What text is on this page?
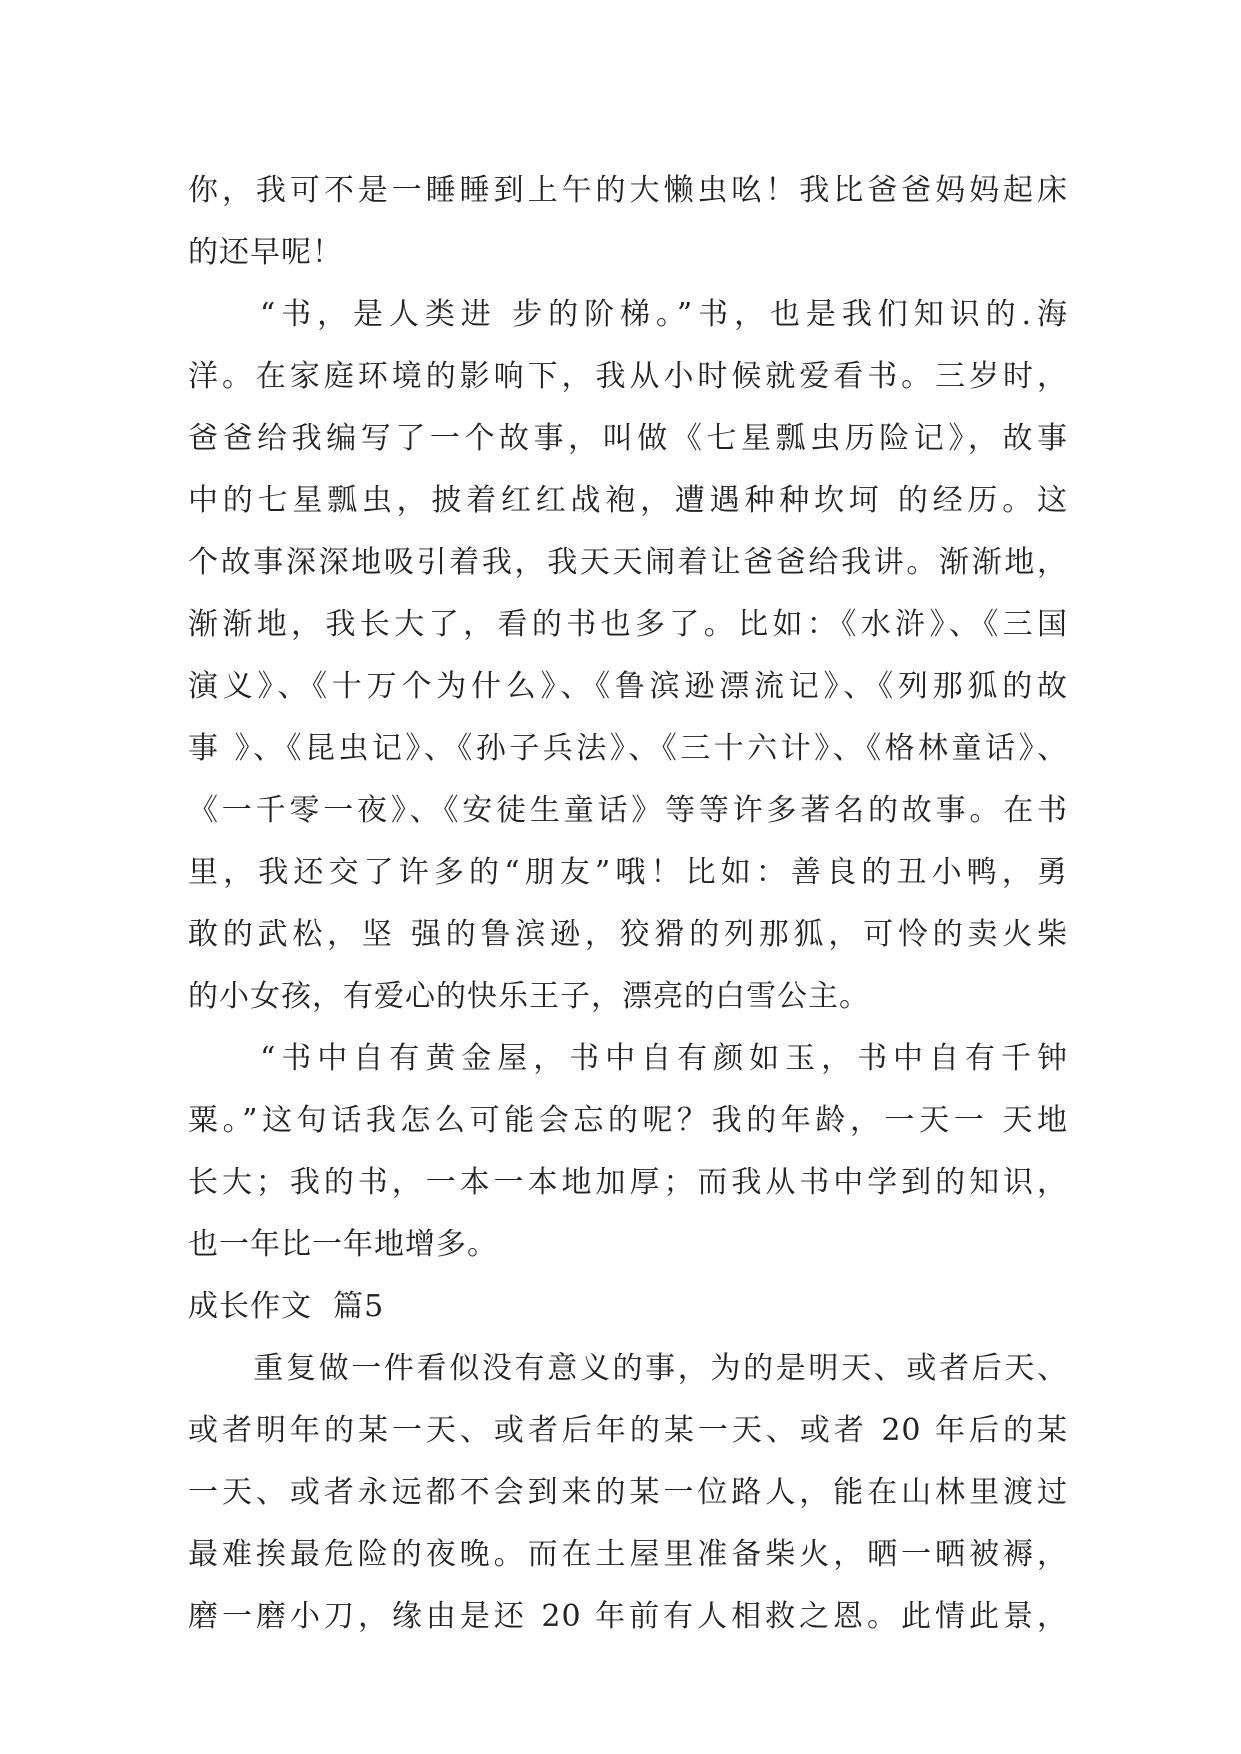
你，我可不是一睡睡到上午的大懒虫吆！我比爸爸妈妈起床
的还早呢！
　　“书，是人类进 步的阶梯。”书，也是我们知识的.海
洋。在家庭环境的影响下，我从小时候就爱看书。三岁时，
爸爸给我编写了一个故事，叫做《七星瓢虫历险记》，故事
中的七星瓢虫，披着红红战袍，遭遇种种坎坷 的经历。这
个故事深深地吸引着我，我天天闹着让爸爸给我讲。渐渐地，
渐渐地，我长大了，看的书也多了。比如：《水浒》、《三国
演义》、《十万个为什么》、《鲁滨逊漂流记》、《列那狐的故
事 》、《昆虫记》、《孙子兵法》、《三十六计》、《格林童话》、
《一千零一夜》、《安徒生童话》等等许多著名的故事。在书
里，我还交了许多的“朋友”哦！比如：善良的丑小鸭，勇
敢的武松，坚 强的鲁滨逊，狡猾的列那狐，可怜的卖火柴
的小女孩，有爱心的快乐王子，漂亮的白雪公主。
　　“书中自有黄金屋，书中自有颜如玉，书中自有千钟
粟。”这句话我怎么可能会忘的呢？我的年龄，一天一 天地
长大；我的书，一本一本地加厚；而我从书中学到的知识，
也一年比一年地增多。
成长作文  篇5
　　重复做一件看似没有意义的事，为的是明天、或者后天、
或者明年的某一天、或者后年的某一天、或者 20 年后的某
一天、或者永远都不会到来的某一位路人，能在山林里渡过
最难挨最危险的夜晚。而在土屋里准备柴火，晒一晒被褥，
磨一磨小刀，缘由是还 20 年前有人相救之恩。此情此景，
